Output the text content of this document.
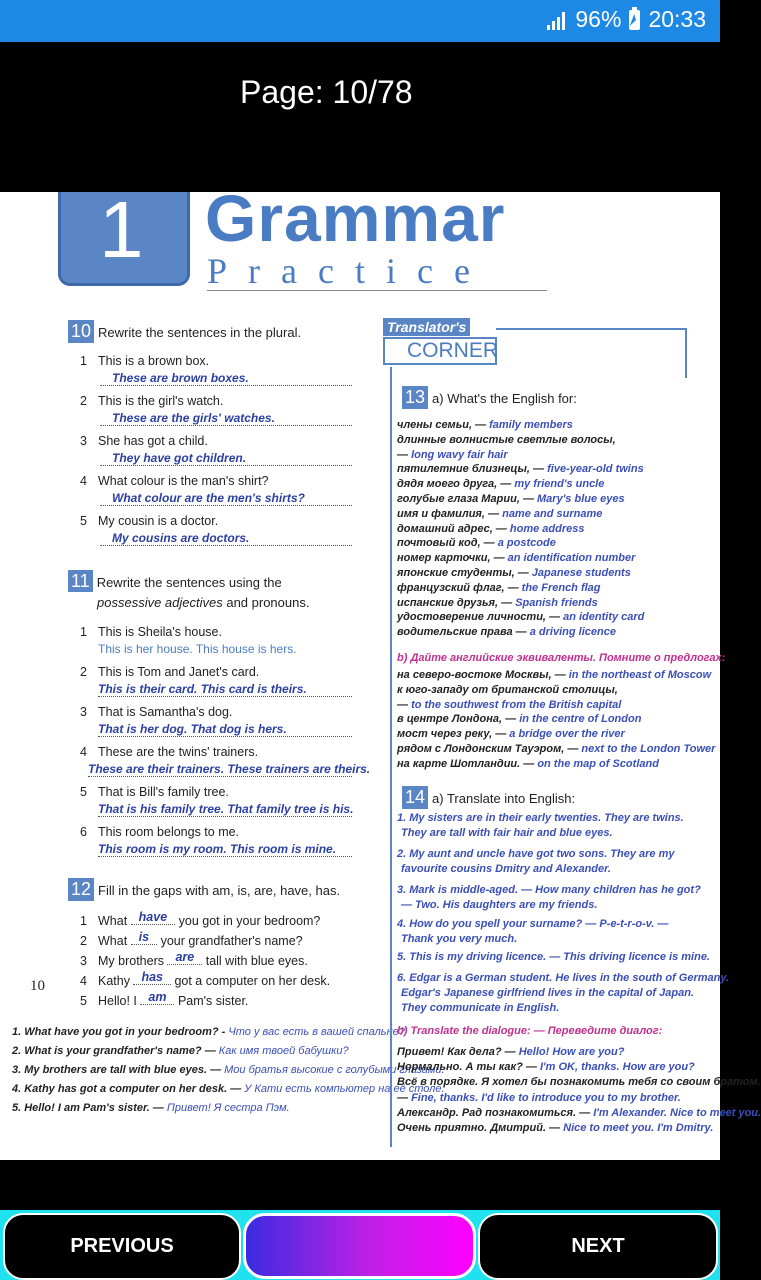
96% 20:33
Page: 10/78
1 Grammar
Practice
10 Rewrite the sentences in the plural.
1 This is a brown box.
These are brown boxes.
2 This is the girl's watch.
These are the girls' watches.
3 She has got a child.
They have got children.
4 What colour is the man's shirt?
What colour are the men's shirts?
5 My cousin is a doctor.
My cousins are doctors.
11 Rewrite the sentences using the
possessive adjectives and pronouns.
1 This is Sheila's house.
This is her house. This house is hers.
2 This is Tom and Janet's card.
This is their card. This card is theirs.
3 That is Samantha's dog.
That is her dog. That dog is hers.
4 These are the twins' trainers.
These are their trainers. These trainers are theirs.
5 That is Bill's family tree.
That is his family tree. That family tree is his.
6 This room belongs to me.
This room is my room. This room is mine.
12 Fill in the gaps with am, is, are, have, has.
1 What have you got in your bedroom?
2 What is your grandfather's name?
3 My brothers are tall with blue eyes.
4 Kathy has got a computer on her desk.
5 Hello! I am Pam's sister.
10
1. What have you got in your bedroom? - Что у вас есть в вашей спальне?
2. What is your grandfather's name? — Как имя твоей бабушки?
3. My brothers are tall with blue eyes. — Мои братья высокие с голубыми глазами.
4. Kathy has got a computer on her desk. — У Кати есть компьютер на её столе.
5. Hello! I am Pam's sister. — Привет! Я сестра Пэм.
Translator's
CORNER
13 a) What's the English for:
члены семьи, — family members
длинные волнистые светлые волосы,
— long wavy fair hair
пятилетние близнецы, — five-year-old twins
дядя моего друга, — my friend's uncle
голубые глаза Марии, — Mary's blue eyes
имя и фамилия, — name and surname
домашний адрес, — home address
почтовый код, — a postcode
номер карточки, — an identification number
японские студенты, — Japanese students
французский флаг, — the French flag
испанские друзья, — Spanish friends
удостоверение личности, — an identity card
водительские права — a driving licence
b) Дайте английские эквиваленты. Помните о предлогах:
на северо-востоке Москвы, — in the northeast of Moscow
к юго-западу от британской столицы,
— to the southwest from the British capital
в центре Лондона, — in the centre of London
мост через реку, — a bridge over the river
рядом с Лондонским Тауэром, — next to the London Tower
на карте Шотландии. — on the map of Scotland
14 a) Translate into English:
1. My sisters are in their early twenties. They are twins.
They are tall with fair hair and blue eyes.
2. My aunt and uncle have got two sons. They are my
favourite cousins Dmitry and Alexander.
3. Mark is middle-aged. — How many children has he got?
— Two. His daughters are my friends.
4. How do you spell your surname? — P-e-t-r-o-v. —
Thank you very much.
5. This is my driving licence. — This driving licence is mine.
6. Edgar is a German student. He lives in the south of Germany.
Edgar's Japanese girlfriend lives in the capital of Japan.
They communicate in English.
b) Translate the dialogue: — Переведите диалог:
Привет! Как дела? — Hello! How are you?
Нормально. А ты как? — I'm OK, thanks. How are you?
Всё в порядке. Я хотел бы познакомить тебя со своим братом.
— Fine, thanks. I'd like to introduce you to my brother.
Александр. Рад познакомиться. — I'm Alexander. Nice to meet you.
Очень приятно. Дмитрий. — Nice to meet you. I'm Dmitry.
PREVIOUS	NEXT
